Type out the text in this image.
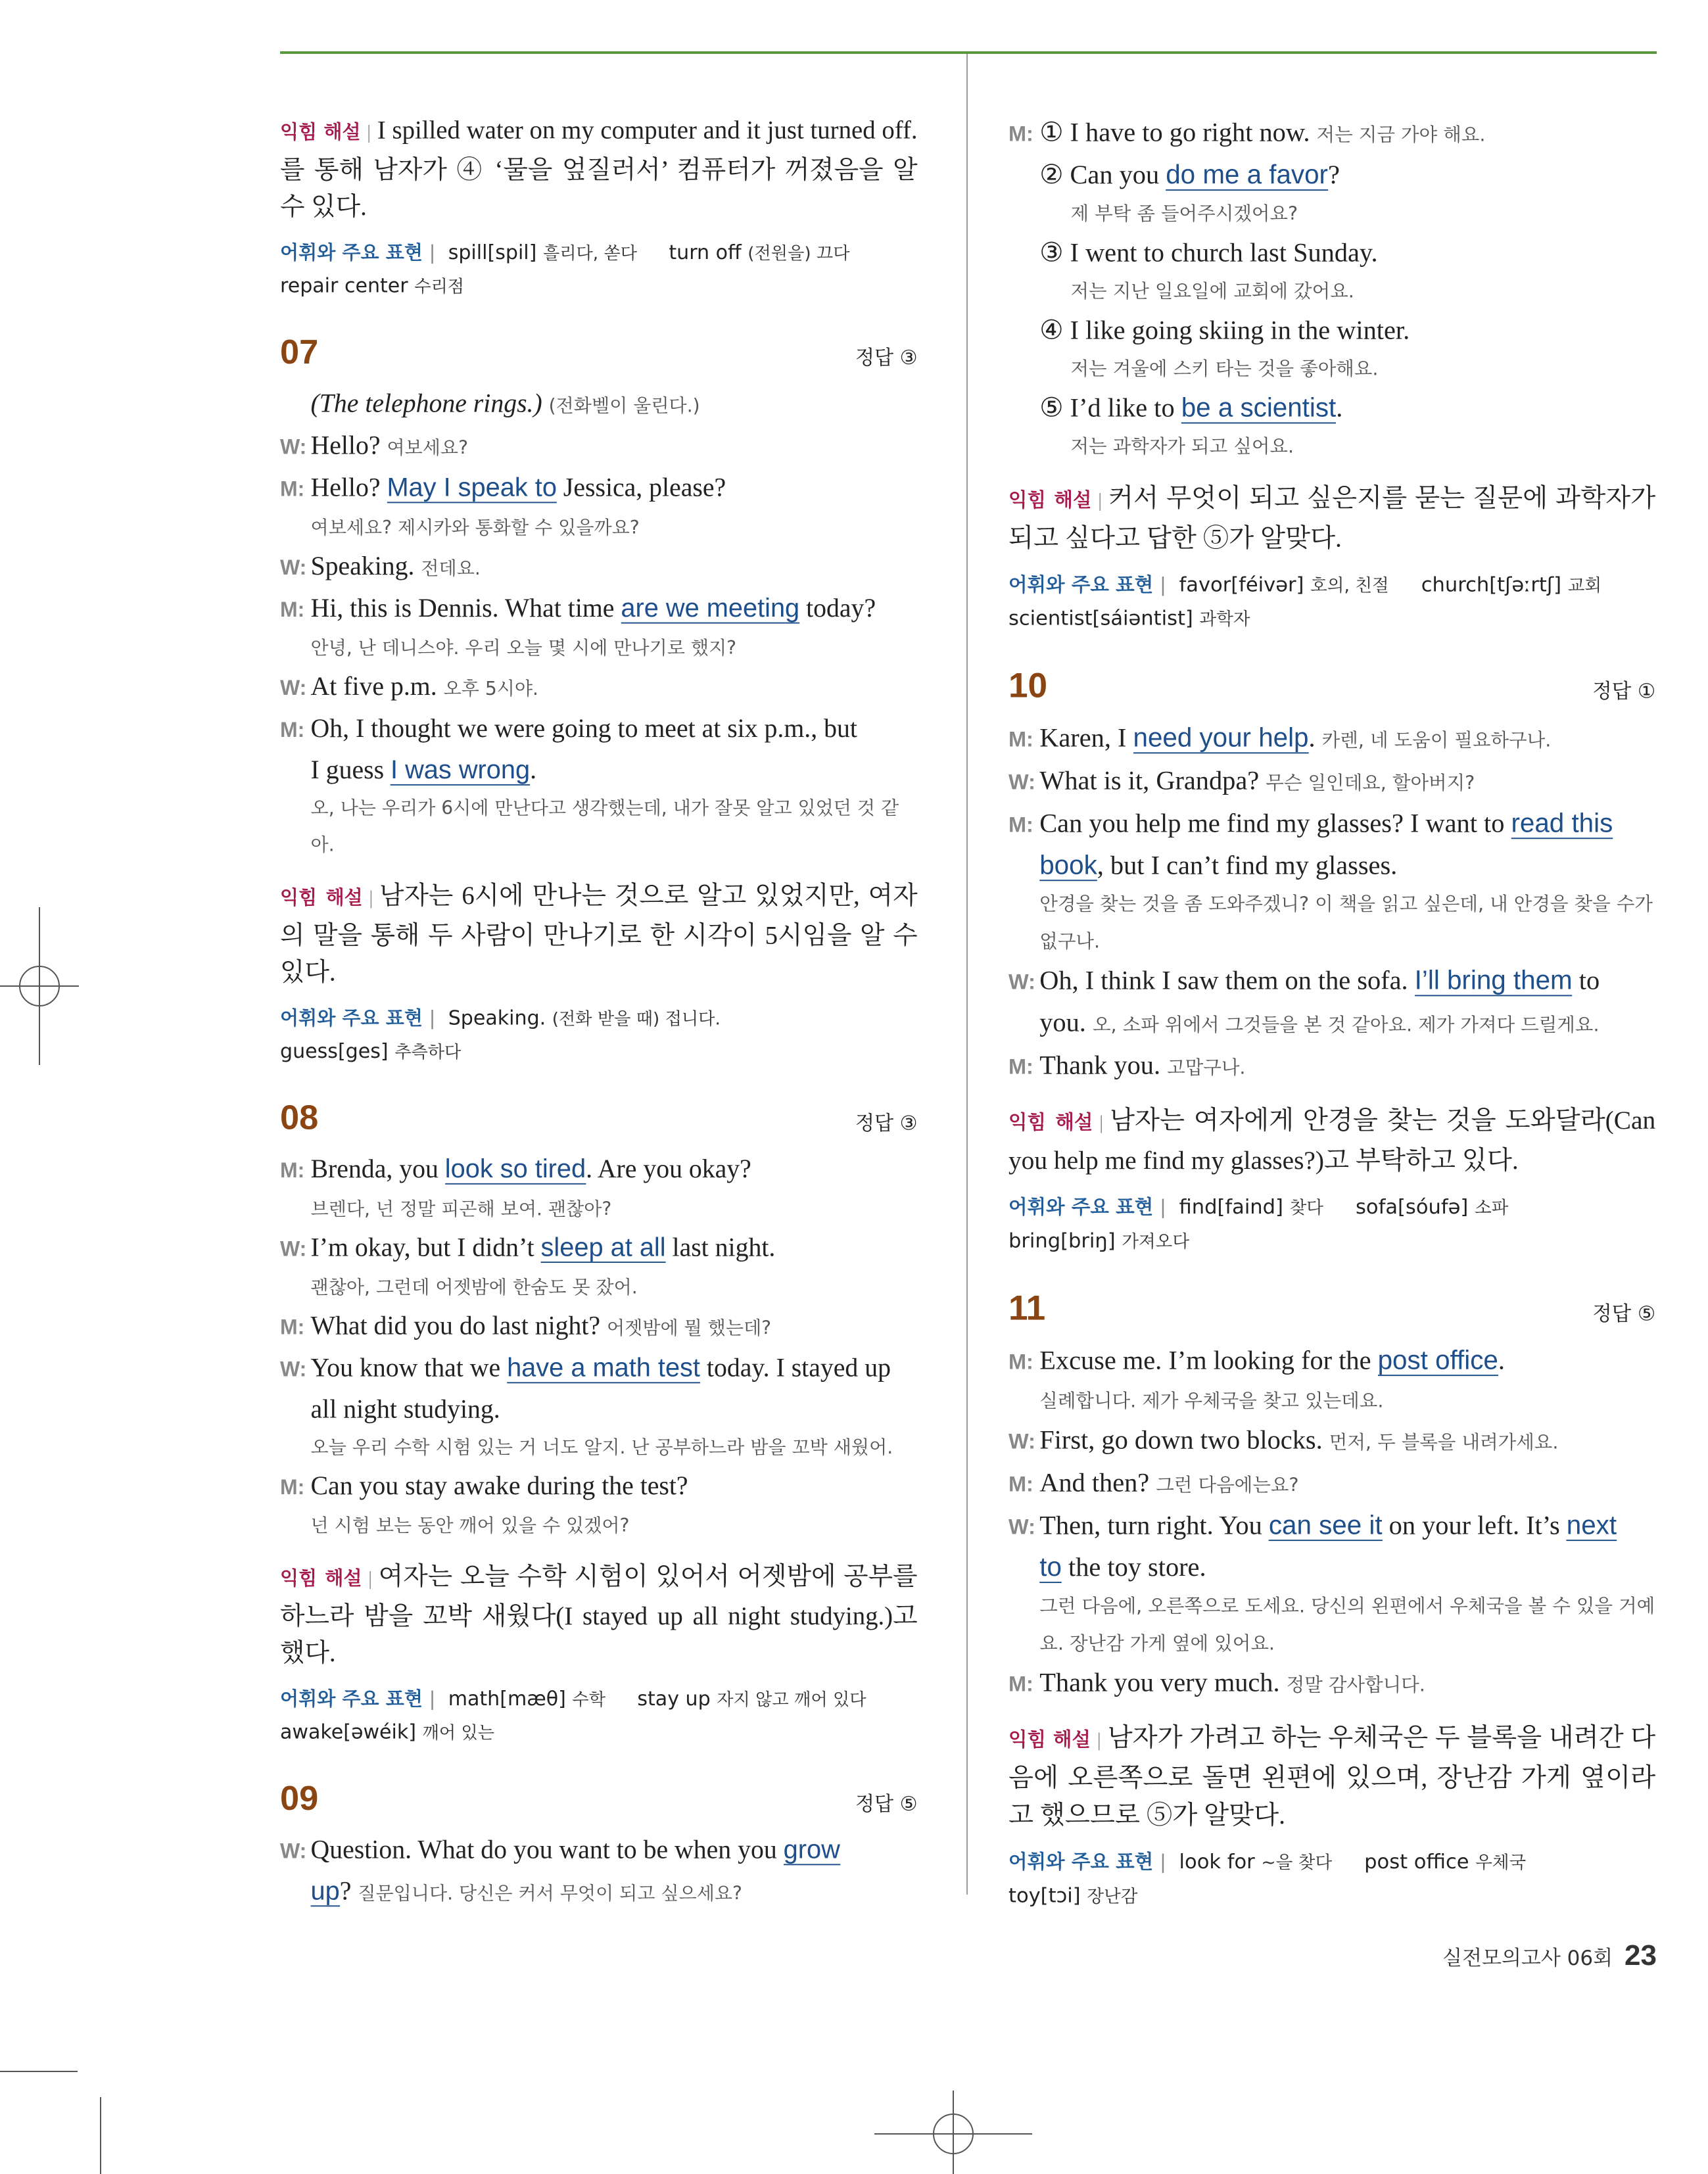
익힘 해설 | I spilled water on my computer and it just turned off.를 통해 남자가 ④ ‘물을 엎질러서’ 컴퓨터가 꺼졌음을 알 수 있다.
어휘와 주요 표현 | spill[spil] 흘리다, 쏟다 turn off (전원을) 끄다
repair center 수리점
07	정답 ③
(The telephone rings.) (전화벨이 울린다.)
W: Hello? 여보세요?
M: Hello? May I speak to Jessica, please?
여보세요? 제시카와 통화할 수 있을까요?
W: Speaking. 전데요.
M: Hi, this is Dennis. What time are we meeting today?
안녕, 난 데니스야. 우리 오늘 몇 시에 만나기로 했지?
W: At five p.m. 오후 5시야.
M: Oh, I thought we were going to meet at six p.m., but
I guess I was wrong.
오, 나는 우리가 6시에 만난다고 생각했는데, 내가 잘못 알고 있었던 것 같아.
익힘 해설 | 남자는 6시에 만나는 것으로 알고 있었지만, 여자의 말을 통해 두 사람이 만나기로 한 시각이 5시임을 알 수 있다.
어휘와 주요 표현 | Speaking. (전화 받을 때) 접니다.
guess[ges] 추측하다
08	정답 ③
M: Brenda, you look so tired. Are you okay?
브렌다, 넌 정말 피곤해 보여. 괜찮아?
W: I’m okay, but I didn’t sleep at all last night.
괜찮아, 그런데 어젯밤에 한숨도 못 잤어.
M: What did you do last night? 어젯밤에 뭘 했는데?
W: You know that we have a math test today. I stayed up
all night studying.
오늘 우리 수학 시험 있는 거 너도 알지. 난 공부하느라 밤을 꼬박 새웠어.
M: Can you stay awake during the test?
넌 시험 보는 동안 깨어 있을 수 있겠어?
익힘 해설 | 여자는 오늘 수학 시험이 있어서 어젯밤에 공부를 하느라 밤을 꼬박 새웠다(I stayed up all night studying.)고 했다.
어휘와 주요 표현 | math[mæθ] 수학 stay up 자지 않고 깨어 있다
awake[əwéik] 깨어 있는
09	정답 ⑤
W: Question. What do you want to be when you grow
up? 질문입니다. 당신은 커서 무엇이 되고 싶으세요?
M: ① I have to go right now. 저는 지금 가야 해요.
② Can you do me a favor?
제 부탁 좀 들어주시겠어요?
③ I went to church last Sunday.
저는 지난 일요일에 교회에 갔어요.
④ I like going skiing in the winter.
저는 겨울에 스키 타는 것을 좋아해요.
⑤ I’d like to be a scientist.
저는 과학자가 되고 싶어요.
익힘 해설 | 커서 무엇이 되고 싶은지를 묻는 질문에 과학자가 되고 싶다고 답한 ⑤가 알맞다.
어휘와 주요 표현 | favor[féivər] 호의, 친절 church[tʃəːrtʃ] 교회
scientist[sáiəntist] 과학자
10	정답 ①
M: Karen, I need your help. 카렌, 네 도움이 필요하구나.
W: What is it, Grandpa? 무슨 일인데요, 할아버지?
M: Can you help me find my glasses? I want to read this
book, but I can’t find my glasses.
안경을 찾는 것을 좀 도와주겠니? 이 책을 읽고 싶은데, 내 안경을 찾을 수가 없구나.
W: Oh, I think I saw them on the sofa. I’ll bring them to
you. 오, 소파 위에서 그것들을 본 것 같아요. 제가 가져다 드릴게요.
M: Thank you. 고맙구나.
익힘 해설 | 남자는 여자에게 안경을 찾는 것을 도와달라(Can you help me find my glasses?)고 부탁하고 있다.
어휘와 주요 표현 | find[faind] 찾다 sofa[sóufə] 소파
bring[briŋ] 가져오다
11	정답 ⑤
M: Excuse me. I’m looking for the post office.
실례합니다. 제가 우체국을 찾고 있는데요.
W: First, go down two blocks. 먼저, 두 블록을 내려가세요.
M: And then? 그런 다음에는요?
W: Then, turn right. You can see it on your left. It’s next
to the toy store.
그런 다음에, 오른쪽으로 도세요. 당신의 왼편에서 우체국을 볼 수 있을 거예요. 장난감 가게 옆에 있어요.
M: Thank you very much. 정말 감사합니다.
익힘 해설 | 남자가 가려고 하는 우체국은 두 블록을 내려간 다음에 오른쪽으로 돌면 왼편에 있으며, 장난감 가게 옆이라고 했으므로 ⑤가 알맞다.
어휘와 주요 표현 | look for ~을 찾다 post office 우체국
toy[tɔi] 장난감
실전모의고사 06회 23
